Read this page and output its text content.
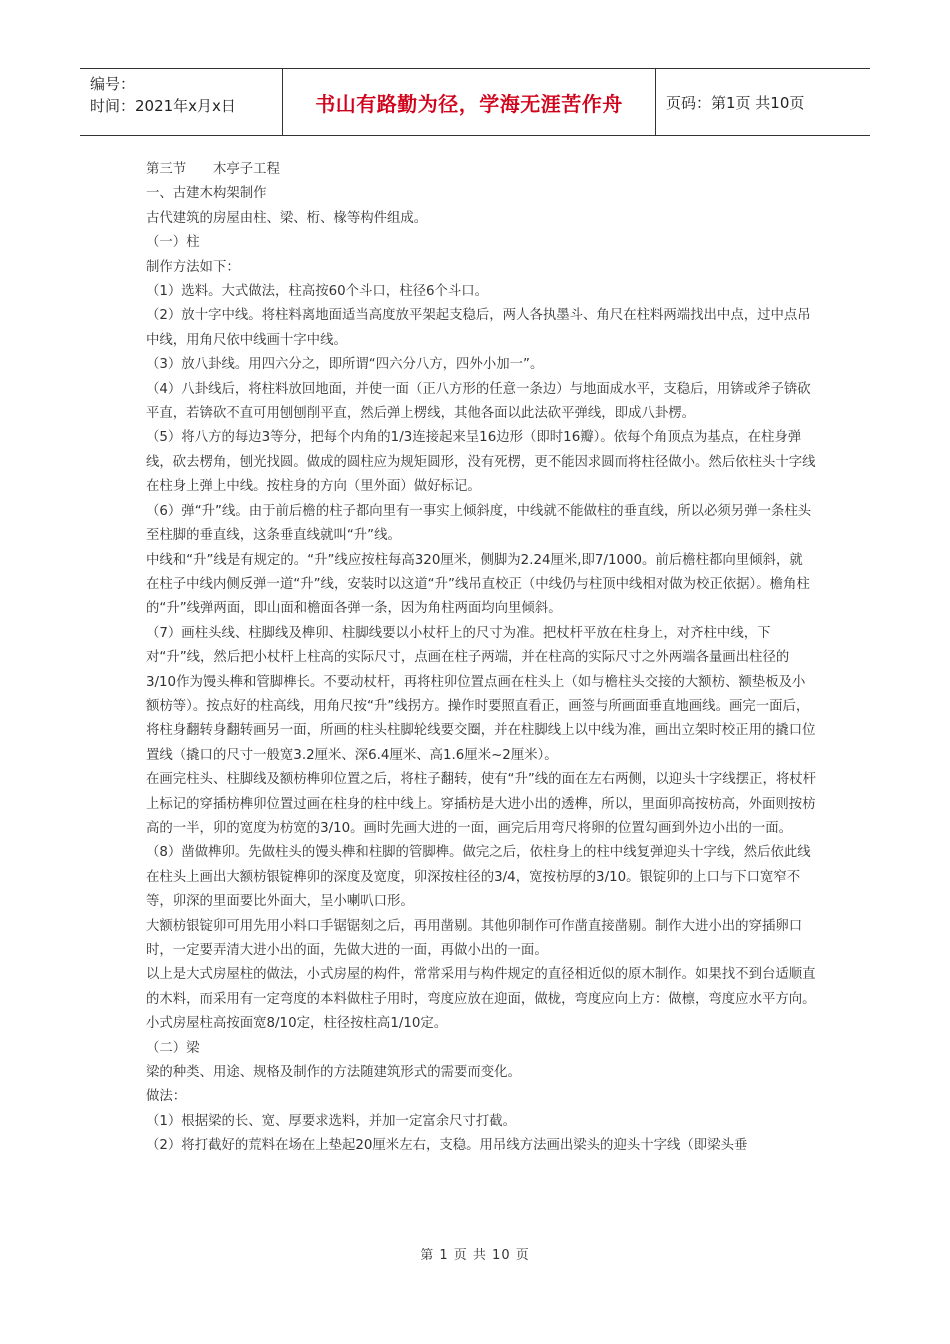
编号：
时间：2021年x月x日	书山有路勤为径，学海无涯苦作舟	页码：第1页 共10页

第三节　　木亭子工程

一、古建木构架制作

古代建筑的房屋由柱、梁、桁、椽等构件组成。

（一）柱

制作方法如下：

（1）选料。大式做法，柱高按60个斗口，柱径6个斗口。

（2）放十字中线。将柱料离地面适当高度放平架起支稳后，两人各执墨斗、角尺在柱料两端找出中点，过中点吊中线，用角尺依中线画十字中线。

（3）放八卦线。用四六分之，即所谓“四六分八方，四外小加一”。

（4）八卦线后，将柱料放回地面，并使一面（正八方形的任意一条边）与地面成水平，支稳后，用锛或斧子锛砍平直，若锛砍不直可用刨刨削平直，然后弹上楞线，其他各面以此法砍平弹线，即成八卦楞。

（5）将八方的每边3等分，把每个内角的1/3连接起来呈16边形（即时16瓣）。依每个角顶点为基点，在柱身弹线，砍去楞角，刨光找圆。做成的圆柱应为规矩圆形，没有死楞，更不能因求圆而将柱径做小。然后依柱头十字线在柱身上弹上中线。按柱身的方向（里外面）做好标记。

（6）弹“升”线。由于前后檐的柱子都向里有一事实上倾斜度，中线就不能做柱的垂直线，所以必须另弹一条柱头至柱脚的垂直线，这条垂直线就叫“升”线。

中线和“升”线是有规定的。“升”线应按柱每高320厘米，侧脚为2.24厘米,即7/1000。前后檐柱都向里倾斜，就在柱子中线内侧反弹一道“升”线，安装时以这道“升”线吊直校正（中线仍与柱顶中线相对做为校正依据）。檐角柱的“升”线弹两面，即山面和檐面各弹一条，因为角柱两面均向里倾斜。

（7）画柱头线、柱脚线及榫卯、柱脚线要以小杖杆上的尺寸为准。把杖杆平放在柱身上，对齐柱中线，下对“升”线，然后把小杖杆上柱高的实际尺寸，点画在柱子两端，并在柱高的实际尺寸之外两端各量画出柱径的3/10作为馒头榫和管脚榫长。不要动杖杆，再将柱卯位置点画在柱头上（如与檐柱头交接的大额枋、额垫板及小额枋等）。按点好的柱高线，用角尺按“升”线拐方。操作时要照直看正，画签与所画面垂直地画线。画完一面后，将柱身翻转身翻转画另一面，所画的柱头柱脚轮线要交圈，并在柱脚线上以中线为准，画出立架时校正用的撬口位置线（撬口的尺寸一般宽3.2厘米、深6.4厘米、高1.6厘米~2厘米）。

在画完柱头、柱脚线及额枋榫卯位置之后，将柱子翻转，使有“升”线的面在左右两侧，以迎头十字线摆正，将杖杆上标记的穿插枋榫卯位置过画在柱身的柱中线上。穿插枋是大进小出的透榫，所以，里面卯高按枋高，外面则按枋高的一半，卯的宽度为枋宽的3/10。画时先画大进的一面，画完后用弯尺将卵的位置勾画到外边小出的一面。

（8）凿做榫卯。先做柱头的馒头榫和柱脚的管脚榫。做完之后，依柱身上的柱中线复弹迎头十字线，然后依此线在柱头上画出大额枋银锭榫卯的深度及宽度，卯深按柱径的3/4，宽按枋厚的3/10。银锭卯的上口与下口宽窄不等，卯深的里面要比外面大，呈小喇叭口形。

大额枋银锭卯可用先用小料口手锯锯刻之后，再用凿剔。其他卯制作可作凿直接凿剔。制作大进小出的穿插卵口时，一定要弄清大进小出的面，先做大进的一面，再做小出的一面。

以上是大式房屋柱的做法，小式房屋的构件，常常采用与构件规定的直径相近似的原木制作。如果找不到台适顺直的木料，而采用有一定弯度的本料做柱子用时，弯度应放在迎面，做栊，弯度应向上方：做檩，弯度应水平方向。小式房屋柱高按面宽8/10定，柱径按柱高1/10定。

（二）梁

梁的种类、用途、规格及制作的方法随建筑形式的需要而变化。

做法：

（1）根据梁的长、宽、厚要求选料，并加一定富余尺寸打截。

（2）将打截好的荒料在场在上垫起20厘米左右，支稳。用吊线方法画出梁头的迎头十字线（即梁头垂

第 1 页 共 10 页
